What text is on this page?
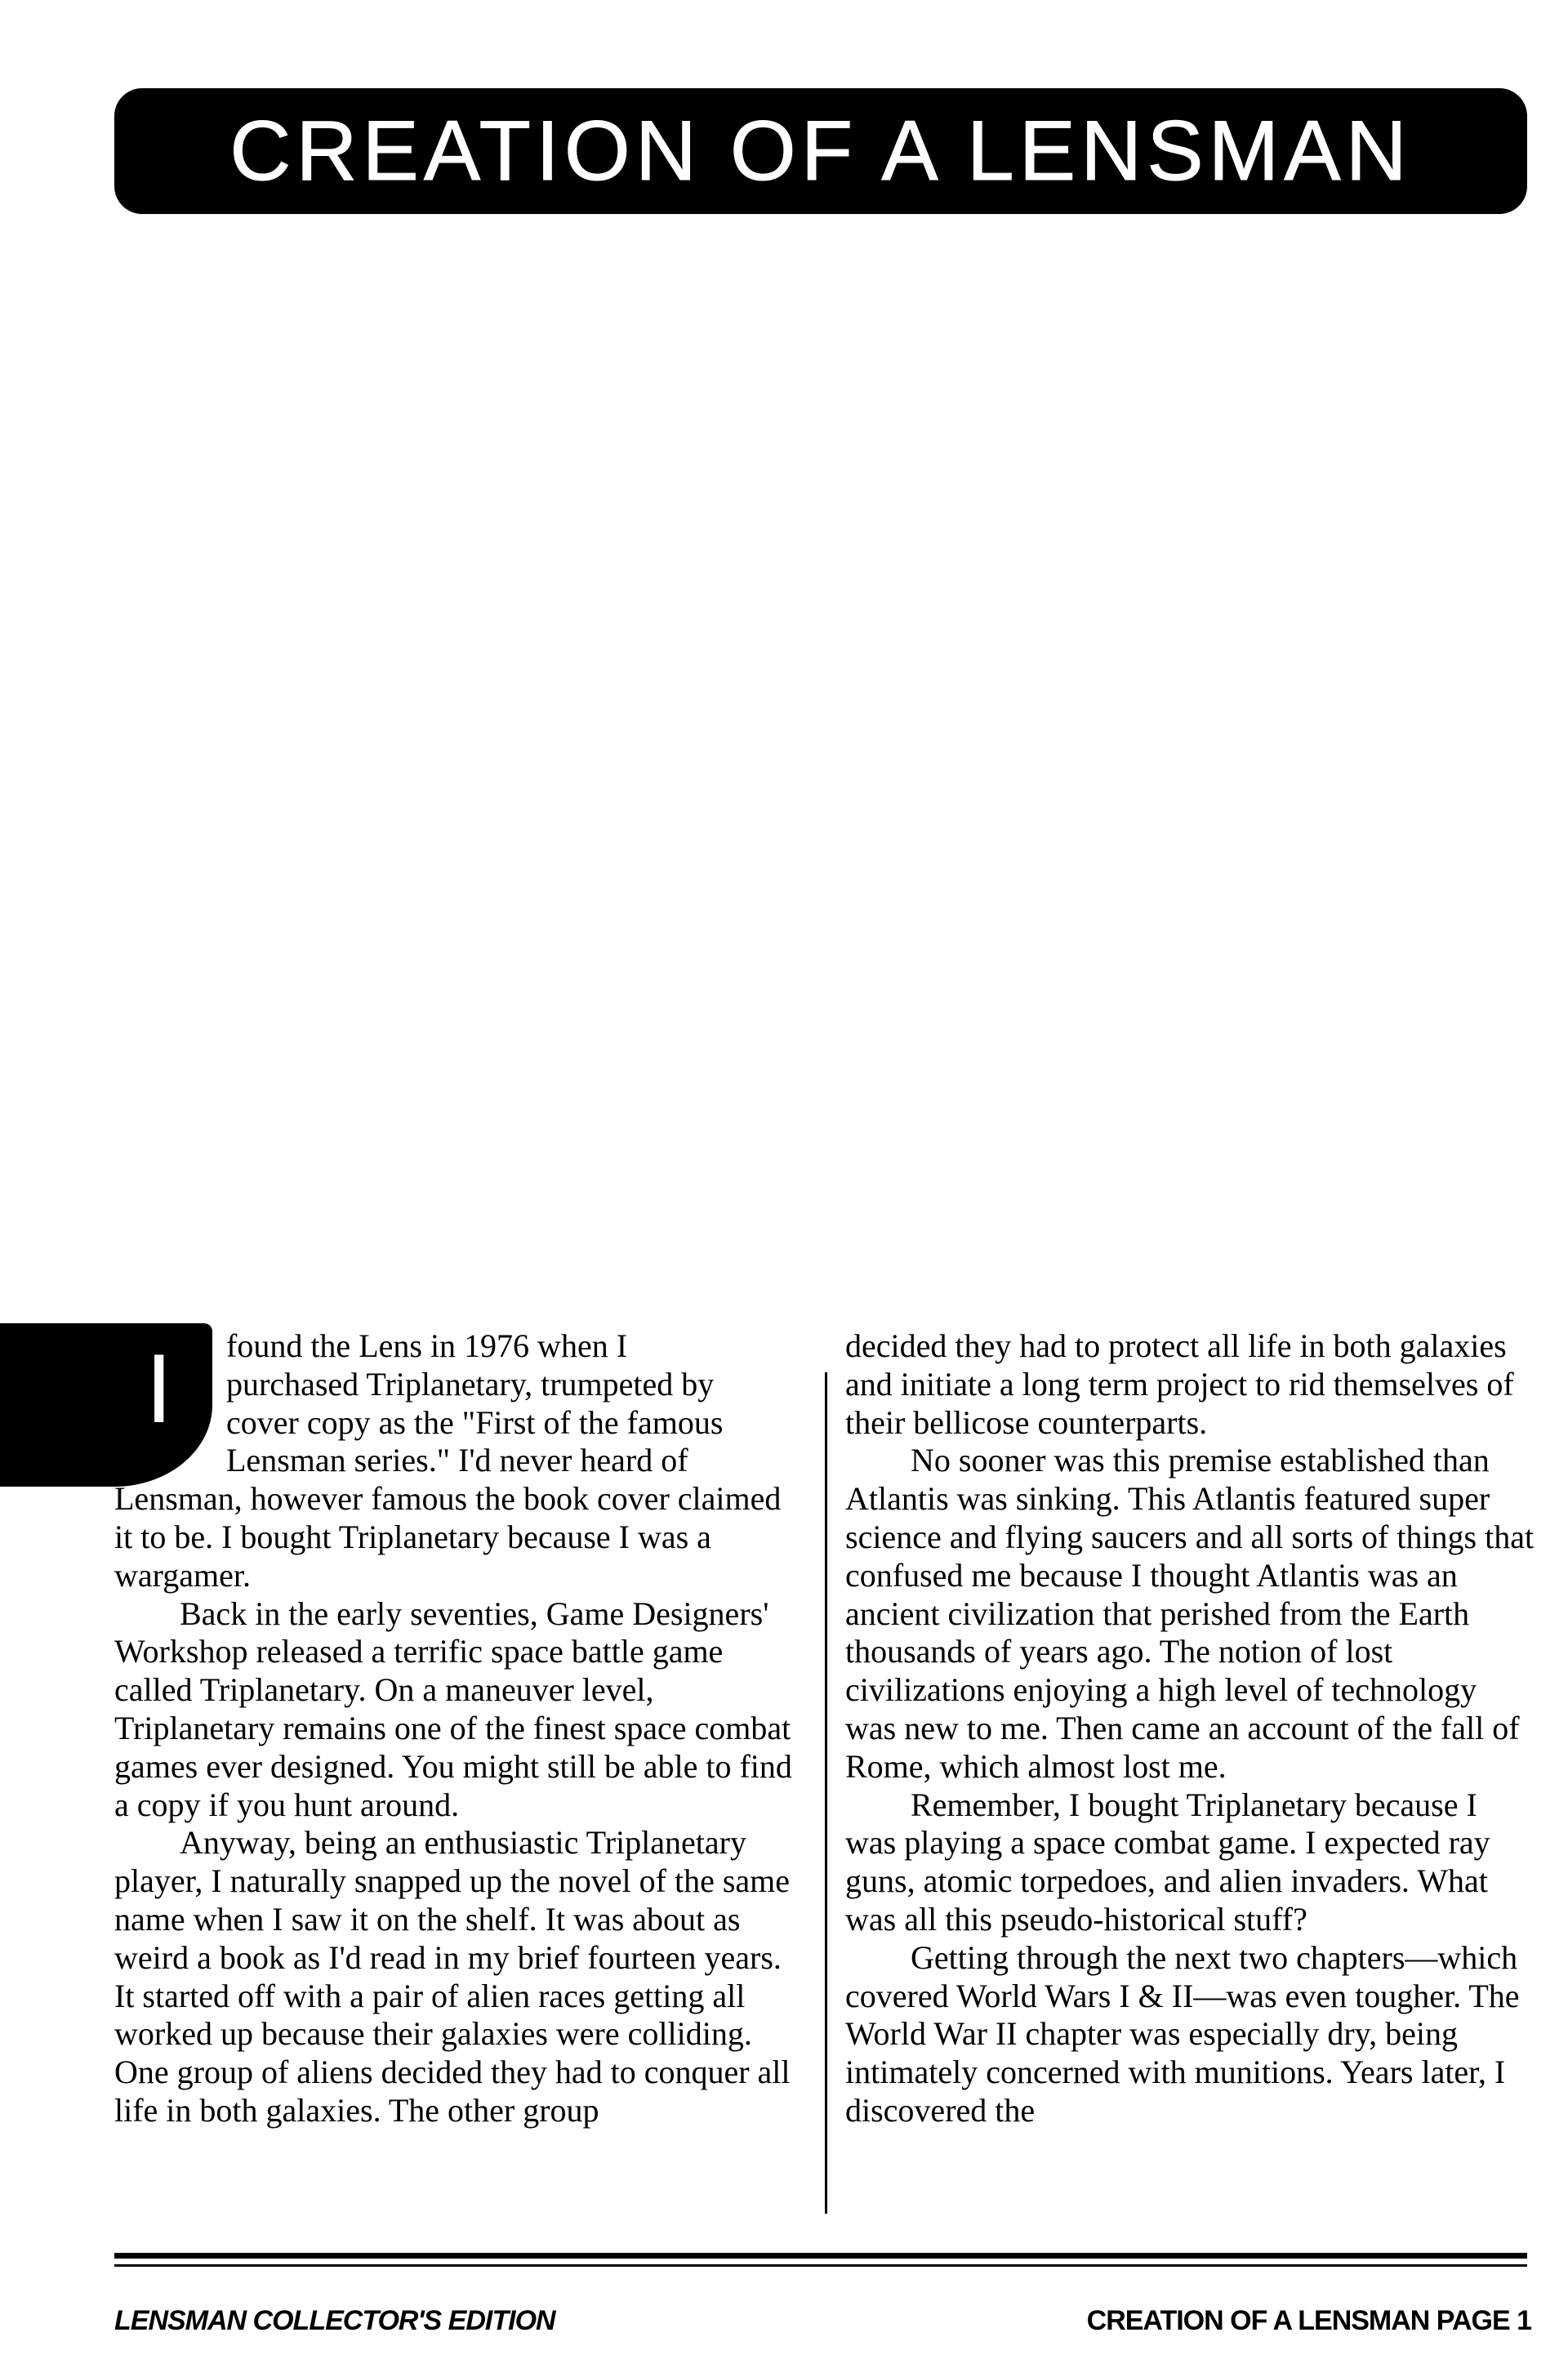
CREATION OF A LENSMAN
I	found the Lens in 1976 when I
purchased Triplanetary, trumpeted by
cover copy as the "First of the famous
Lensman series." I'd never heard of

Lensman, however famous the book cover claimed it to be. I bought Triplanetary because I was a wargamer.

Back in the early seventies, Game Designers' Workshop released a terrific space battle game called Triplanetary. On a maneuver level, Triplanetary remains one of the finest space combat games ever designed. You might still be able to find a copy if you hunt around.

Anyway, being an enthusiastic Triplanetary player, I naturally snapped up the novel of the same name when I saw it on the shelf. It was about as weird a book as I'd read in my brief fourteen years. It started off with a pair of alien races getting all worked up because their galaxies were colliding. One group of aliens decided they had to conquer all life in both galaxies. The other group

decided they had to protect all life in both galaxies and initiate a long term project to rid themselves of their bellicose counterparts.

No sooner was this premise established than Atlantis was sinking. This Atlantis featured super science and flying saucers and all sorts of things that confused me because I thought Atlantis was an ancient civilization that perished from the Earth thousands of years ago. The notion of lost civilizations enjoying a high level of technology was new to me. Then came an account of the fall of Rome, which almost lost me.

Remember, I bought Triplanetary because I was playing a space combat game. I expected ray guns, atomic torpedoes, and alien invaders. What was all this pseudo-historical stuff?

Getting through the next two chapters—which covered World Wars I & II—was even tougher. The World War II chapter was especially dry, being intimately concerned with munitions. Years later, I discovered the

LENSMAN COLLECTOR'S EDITION	CREATION OF A LENSMAN PAGE 1
